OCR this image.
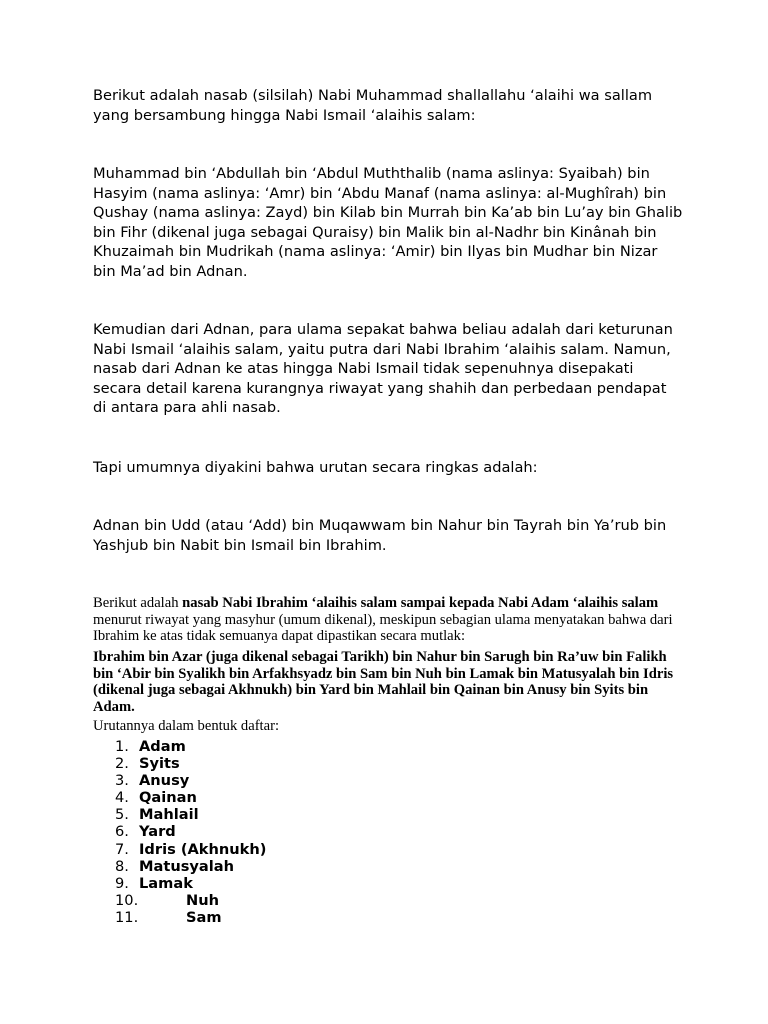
Berikut adalah nasab (silsilah) Nabi Muhammad shallallahu ‘alaihi wa sallam yang bersambung hingga Nabi Ismail ‘alaihis salam:

Muhammad bin ‘Abdullah bin ‘Abdul Muththalib (nama aslinya: Syaibah) bin Hasyim (nama aslinya: ‘Amr) bin ‘Abdu Manaf (nama aslinya: al-Mughîrah) bin Qushay (nama aslinya: Zayd) bin Kilab bin Murrah bin Ka’ab bin Lu’ay bin Ghalib bin Fihr (dikenal juga sebagai Quraisy) bin Malik bin al-Nadhr bin Kinânah bin Khuzaimah bin Mudrikah (nama aslinya: ‘Amir) bin Ilyas bin Mudhar bin Nizar bin Ma’ad bin Adnan.

Kemudian dari Adnan, para ulama sepakat bahwa beliau adalah dari keturunan Nabi Ismail ‘alaihis salam, yaitu putra dari Nabi Ibrahim ‘alaihis salam. Namun, nasab dari Adnan ke atas hingga Nabi Ismail tidak sepenuhnya disepakati secara detail karena kurangnya riwayat yang shahih dan perbedaan pendapat di antara para ahli nasab.

Tapi umumnya diyakini bahwa urutan secara ringkas adalah:

Adnan bin Udd (atau ‘Add) bin Muqawwam bin Nahur bin Tayrah bin Ya’rub bin Yashjub bin Nabit bin Ismail bin Ibrahim.

Berikut adalah nasab Nabi Ibrahim ‘alaihis salam sampai kepada Nabi Adam ‘alaihis salam menurut riwayat yang masyhur (umum dikenal), meskipun sebagian ulama menyatakan bahwa dari Ibrahim ke atas tidak semuanya dapat dipastikan secara mutlak:

Ibrahim bin Azar (juga dikenal sebagai Tarikh) bin Nahur bin Sarugh bin Ra’uw bin Falikh bin ‘Abir bin Syalikh bin Arfakhsyadz bin Sam bin Nuh bin Lamak bin Matusyalah bin Idris (dikenal juga sebagai Akhnukh) bin Yard bin Mahlail bin Qainan bin Anusy bin Syits bin Adam.

Urutannya dalam bentuk daftar:

1. Adam
2. Syits
3. Anusy
4. Qainan
5. Mahlail
6. Yard
7. Idris (Akhnukh)
8. Matusyalah
9. Lamak
10.	Nuh
11.	Sam
